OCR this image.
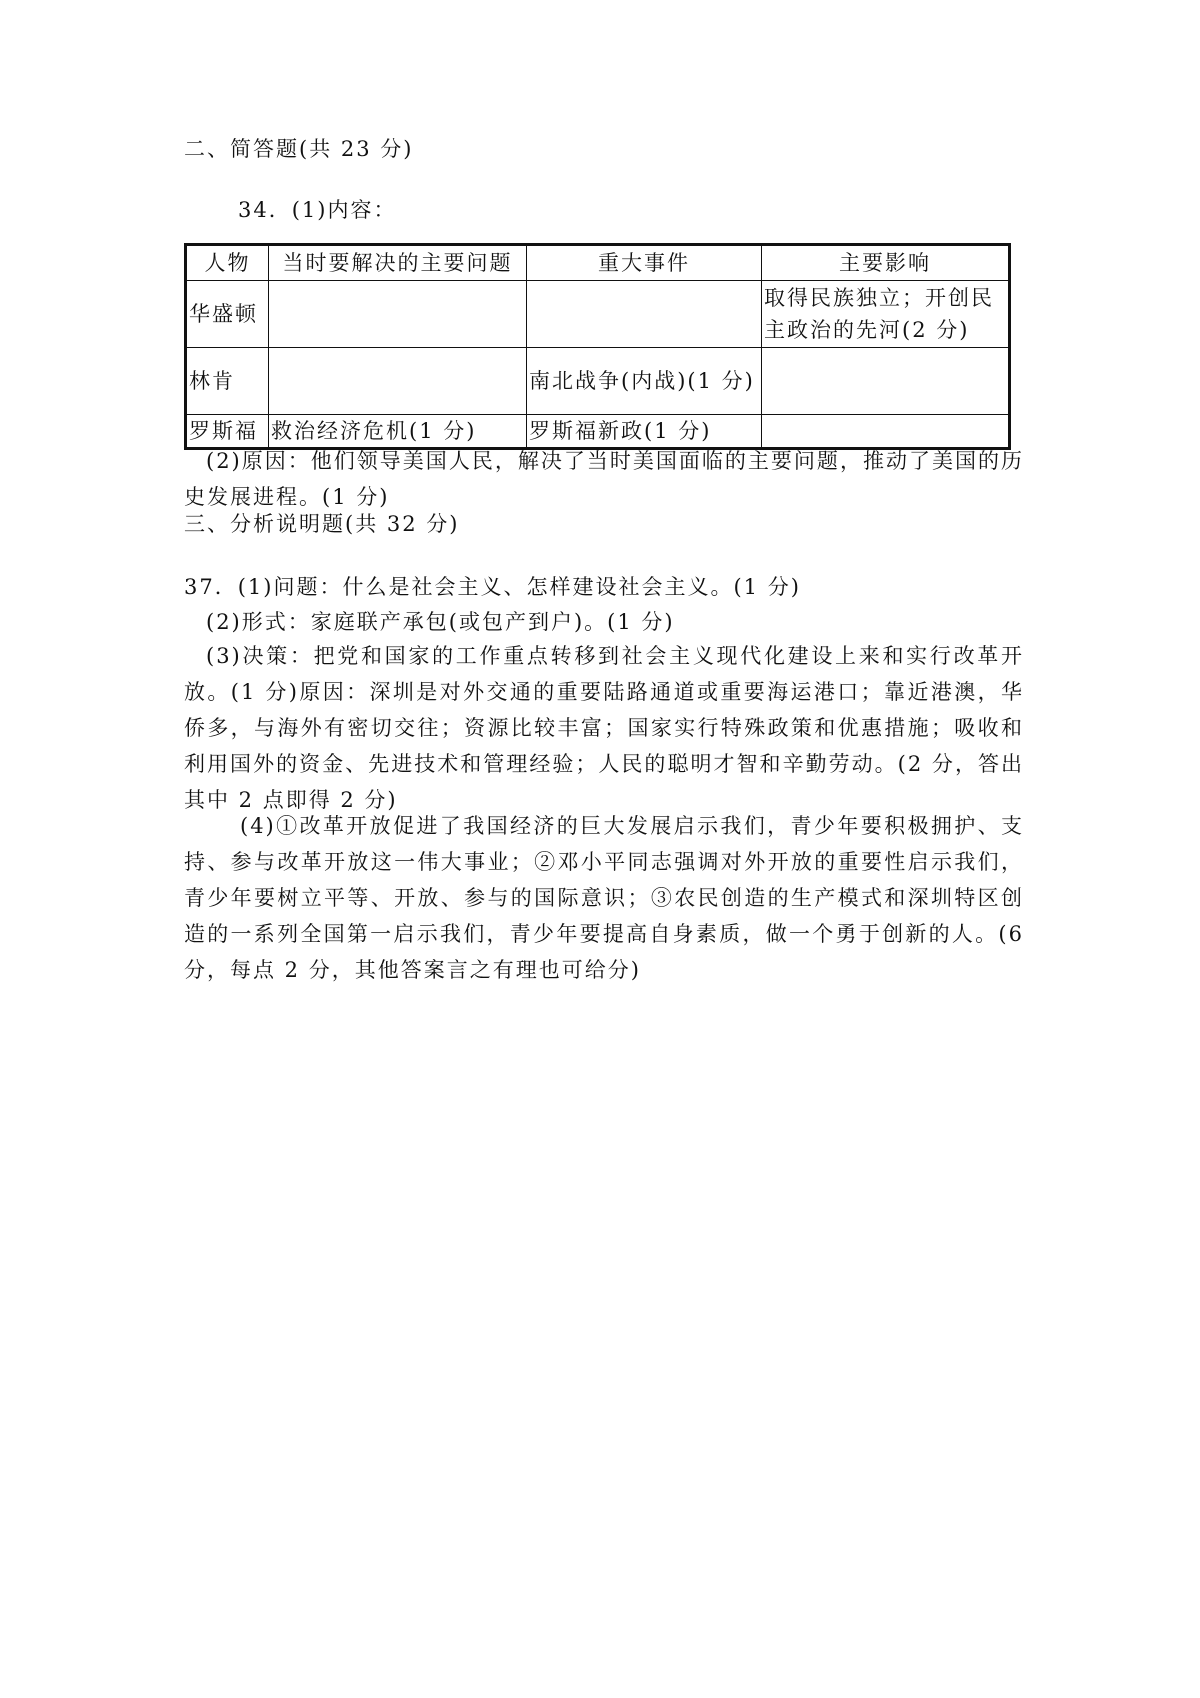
二、简答题(共 23 分)
34．(1)内容：
人物	当时要解决的主要问题	重大事件	主要影响
华盛顿			取得民族独立；开创民主政治的先河(2 分)
林肯		南北战争(内战)(1 分)	
罗斯福	救治经济危机(1 分)	罗斯福新政(1 分)	
(2)原因：他们领导美国人民，解决了当时美国面临的主要问题，推动了美国的历史发展进程。(1 分)
三、分析说明题(共 32 分)
37．(1)问题：什么是社会主义、怎样建设社会主义。(1 分)
(2)形式：家庭联产承包(或包产到户)。(1 分)
(3)决策：把党和国家的工作重点转移到社会主义现代化建设上来和实行改革开放。(1 分)原因：深圳是对外交通的重要陆路通道或重要海运港口；靠近港澳，华侨多，与海外有密切交往；资源比较丰富；国家实行特殊政策和优惠措施；吸收和利用国外的资金、先进技术和管理经验；人民的聪明才智和辛勤劳动。(2 分，答出其中 2 点即得 2 分)
(4)①改革开放促进了我国经济的巨大发展启示我们，青少年要积极拥护、支持、参与改革开放这一伟大事业；②邓小平同志强调对外开放的重要性启示我们，青少年要树立平等、开放、参与的国际意识；③农民创造的生产模式和深圳特区创造的一系列全国第一启示我们，青少年要提高自身素质，做一个勇于创新的人。(6 分，每点 2 分，其他答案言之有理也可给分)
